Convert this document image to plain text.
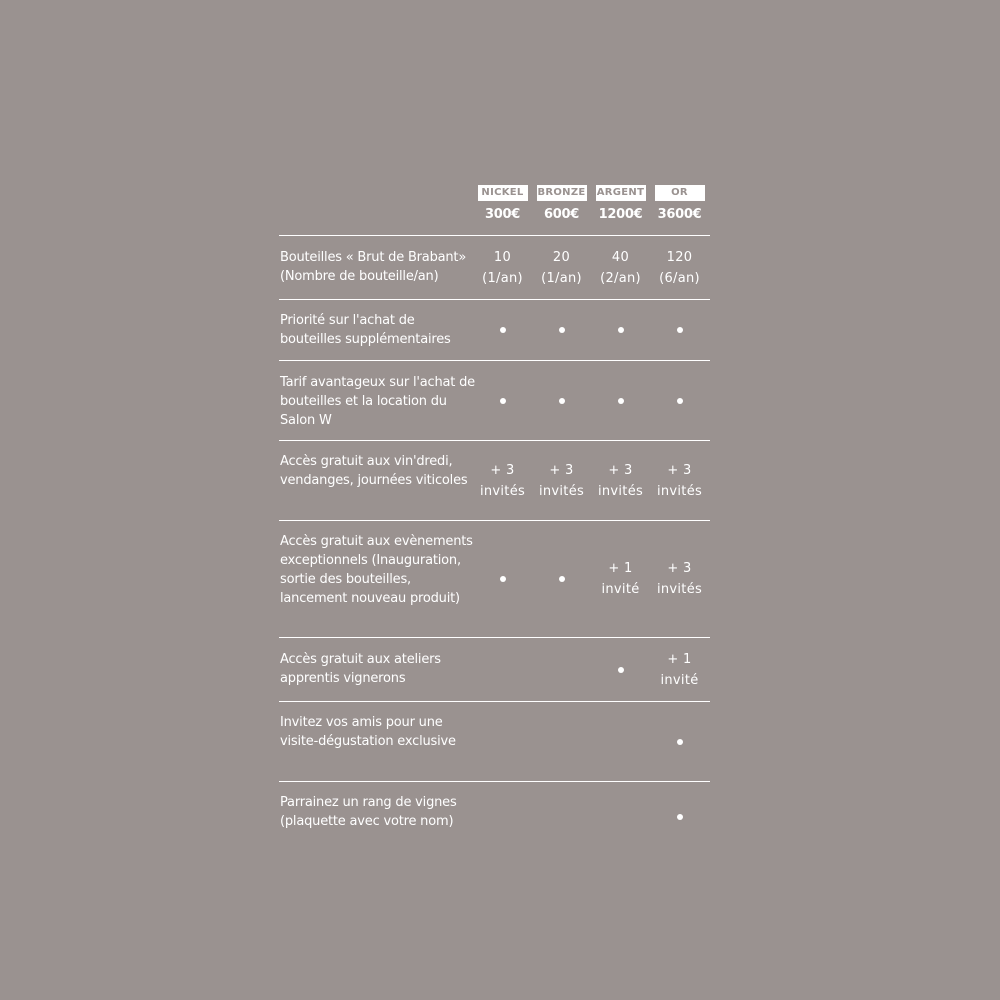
NICKEL
300€
BRONZE
600€
ARGENT
1200€
OR
3600€
Bouteilles « Brut de Brabant» (Nombre de bouteille/an)
10
(1/an)
20
(1/an)
40
(2/an)
120
(6/an)
Priorité sur l'achat de bouteilles supplémentaires
Tarif avantageux sur l'achat de bouteilles et la location du Salon W
Accès gratuit aux vin'dredi, vendanges, journées viticoles
+ 3
invités
+ 3
invités
+ 3
invités
+ 3
invités
Accès gratuit aux evènements exceptionnels (Inauguration, sortie des bouteilles, lancement nouveau produit)
+ 1
invité
+ 3
invités
Accès gratuit aux ateliers apprentis vignerons
+ 1
invité
Invitez vos amis pour une visite-dégustation exclusive
Parrainez un rang de vignes (plaquette avec votre nom)
